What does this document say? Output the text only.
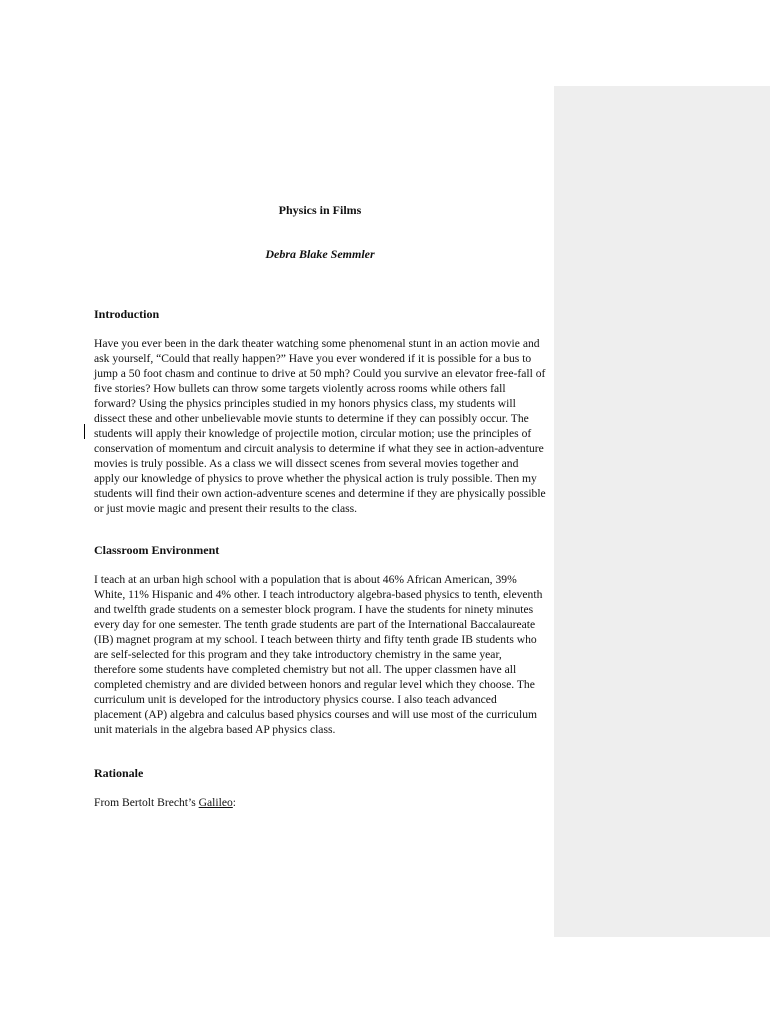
Physics in Films
Debra Blake Semmler
Introduction

Have you ever been in the dark theater watching some phenomenal stunt in an action movie and ask yourself, “Could that really happen?” Have you ever wondered if it is possible for a bus to jump a 50 foot chasm and continue to drive at 50 mph? Could you survive an elevator free-fall of five stories? How bullets can throw some targets violently across rooms while others fall forward? Using the physics principles studied in my honors physics class, my students will dissect these and other unbelievable movie stunts to determine if they can possibly occur. The students will apply their knowledge of projectile motion, circular motion; use the principles of conservation of momentum and circuit analysis to determine if what they see in action-adventure movies is truly possible. As a class we will dissect scenes from several movies together and apply our knowledge of physics to prove whether the physical action is truly possible. Then my students will find their own action-adventure scenes and determine if they are physically possible or just movie magic and present their results to the class.

Classroom Environment

I teach at an urban high school with a population that is about 46% African American, 39% White, 11% Hispanic and 4% other. I teach introductory algebra-based physics to tenth, eleventh and twelfth grade students on a semester block program. I have the students for ninety minutes every day for one semester. The tenth grade students are part of the International Baccalaureate (IB) magnet program at my school. I teach between thirty and fifty tenth grade IB students who are self-selected for this program and they take introductory chemistry in the same year, therefore some students have completed chemistry but not all. The upper classmen have all completed chemistry and are divided between honors and regular level which they choose. The curriculum unit is developed for the introductory physics course. I also teach advanced placement (AP) algebra and calculus based physics courses and will use most of the curriculum unit materials in the algebra based AP physics class.

Rationale

From Bertolt Brecht’s Galileo:
